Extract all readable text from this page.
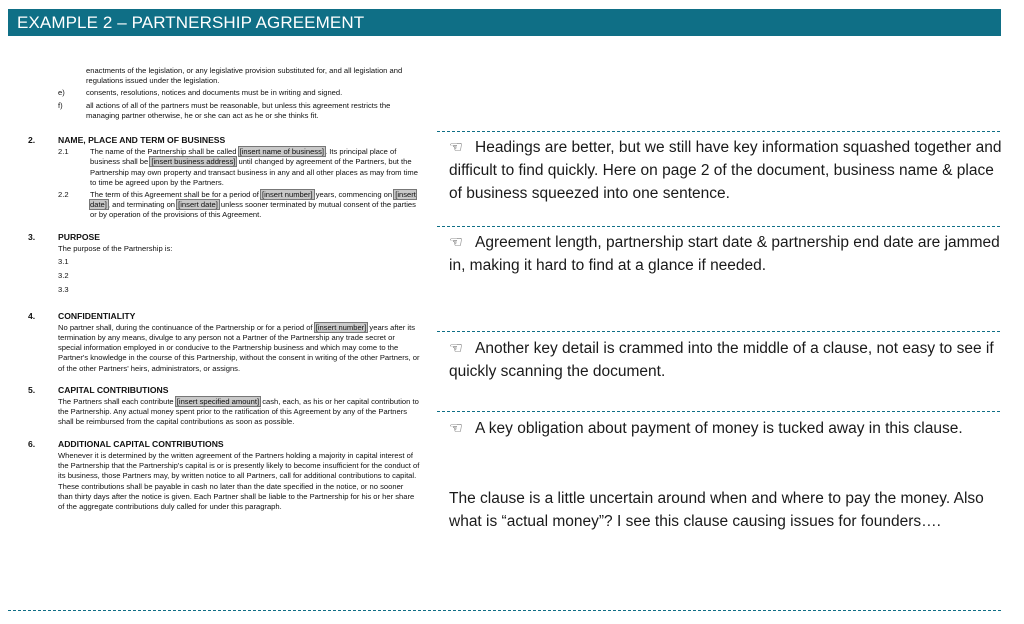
EXAMPLE 2 – PARTNERSHIP AGREEMENT

enactments of the legislation, or any legislative provision substituted for, and all legislation and regulations issued under the legislation.

e)	consents, resolutions, notices and documents must be in writing and signed.
f)	all actions of all of the partners must be reasonable, but unless this agreement restricts the managing partner otherwise, he or she can act as he or she thinks fit.
2.	NAME, PLACE AND TERM OF BUSINESS
2.1	The name of the Partnership shall be called [insert name of business]. Its principal place of business shall be [insert business address] until changed by agreement of the Partners, but the Partnership may own property and transact business in any and all other places as may from time to time be agreed upon by the Partners.
2.2	The term of this Agreement shall be for a period of [insert number] years, commencing on [insert date], and terminating on [insert date] unless sooner terminated by mutual consent of the parties or by operation of the provisions of this Agreement.
3.	PURPOSE
The purpose of the Partnership is:
3.1
3.2
3.3
4.	CONFIDENTIALITY
No partner shall, during the continuance of the Partnership or for a period of [insert number] years after its termination by any means, divulge to any person not a Partner of the Partnership any trade secret or special information employed in or conducive to the Partnership business and which may come to the Partner's knowledge in the course of this Partnership, without the consent in writing of the other Partners, or of the other Partners' heirs, administrators, or assigns.
5.	CAPITAL CONTRIBUTIONS
The Partners shall each contribute [insert specified amount] cash, each, as his or her capital contribution to the Partnership. Any actual money spent prior to the ratification of this Agreement by any of the Partners shall be reimbursed from the capital contributions as soon as possible.
6.	ADDITIONAL CAPITAL CONTRIBUTIONS
Whenever it is determined by the written agreement of the Partners holding a majority in capital interest of the Partnership that the Partnership's capital is or is presently likely to become insufficient for the conduct of its business, those Partners may, by written notice to all Partners, call for additional contributions to capital. These contributions shall be payable in cash no later than the date specified in the notice, or no sooner than thirty days after the notice is given. Each Partner shall be liable to the Partnership for his or her share of the aggregate contributions duly called for under this paragraph.

☜ Headings are better, but we still have key information squashed together and difficult to find quickly. Here on page 2 of the document, business name & place of business squeezed into one sentence.

☜ Agreement length, partnership start date & partnership end date are jammed in, making it hard to find at a glance if needed.

☜ Another key detail is crammed into the middle of a clause, not easy to see if quickly scanning the document.

☜ A key obligation about payment of money is tucked away in this clause.

The clause is a little uncertain around when and where to pay the money. Also what is “actual money”? I see this clause causing issues for founders….
